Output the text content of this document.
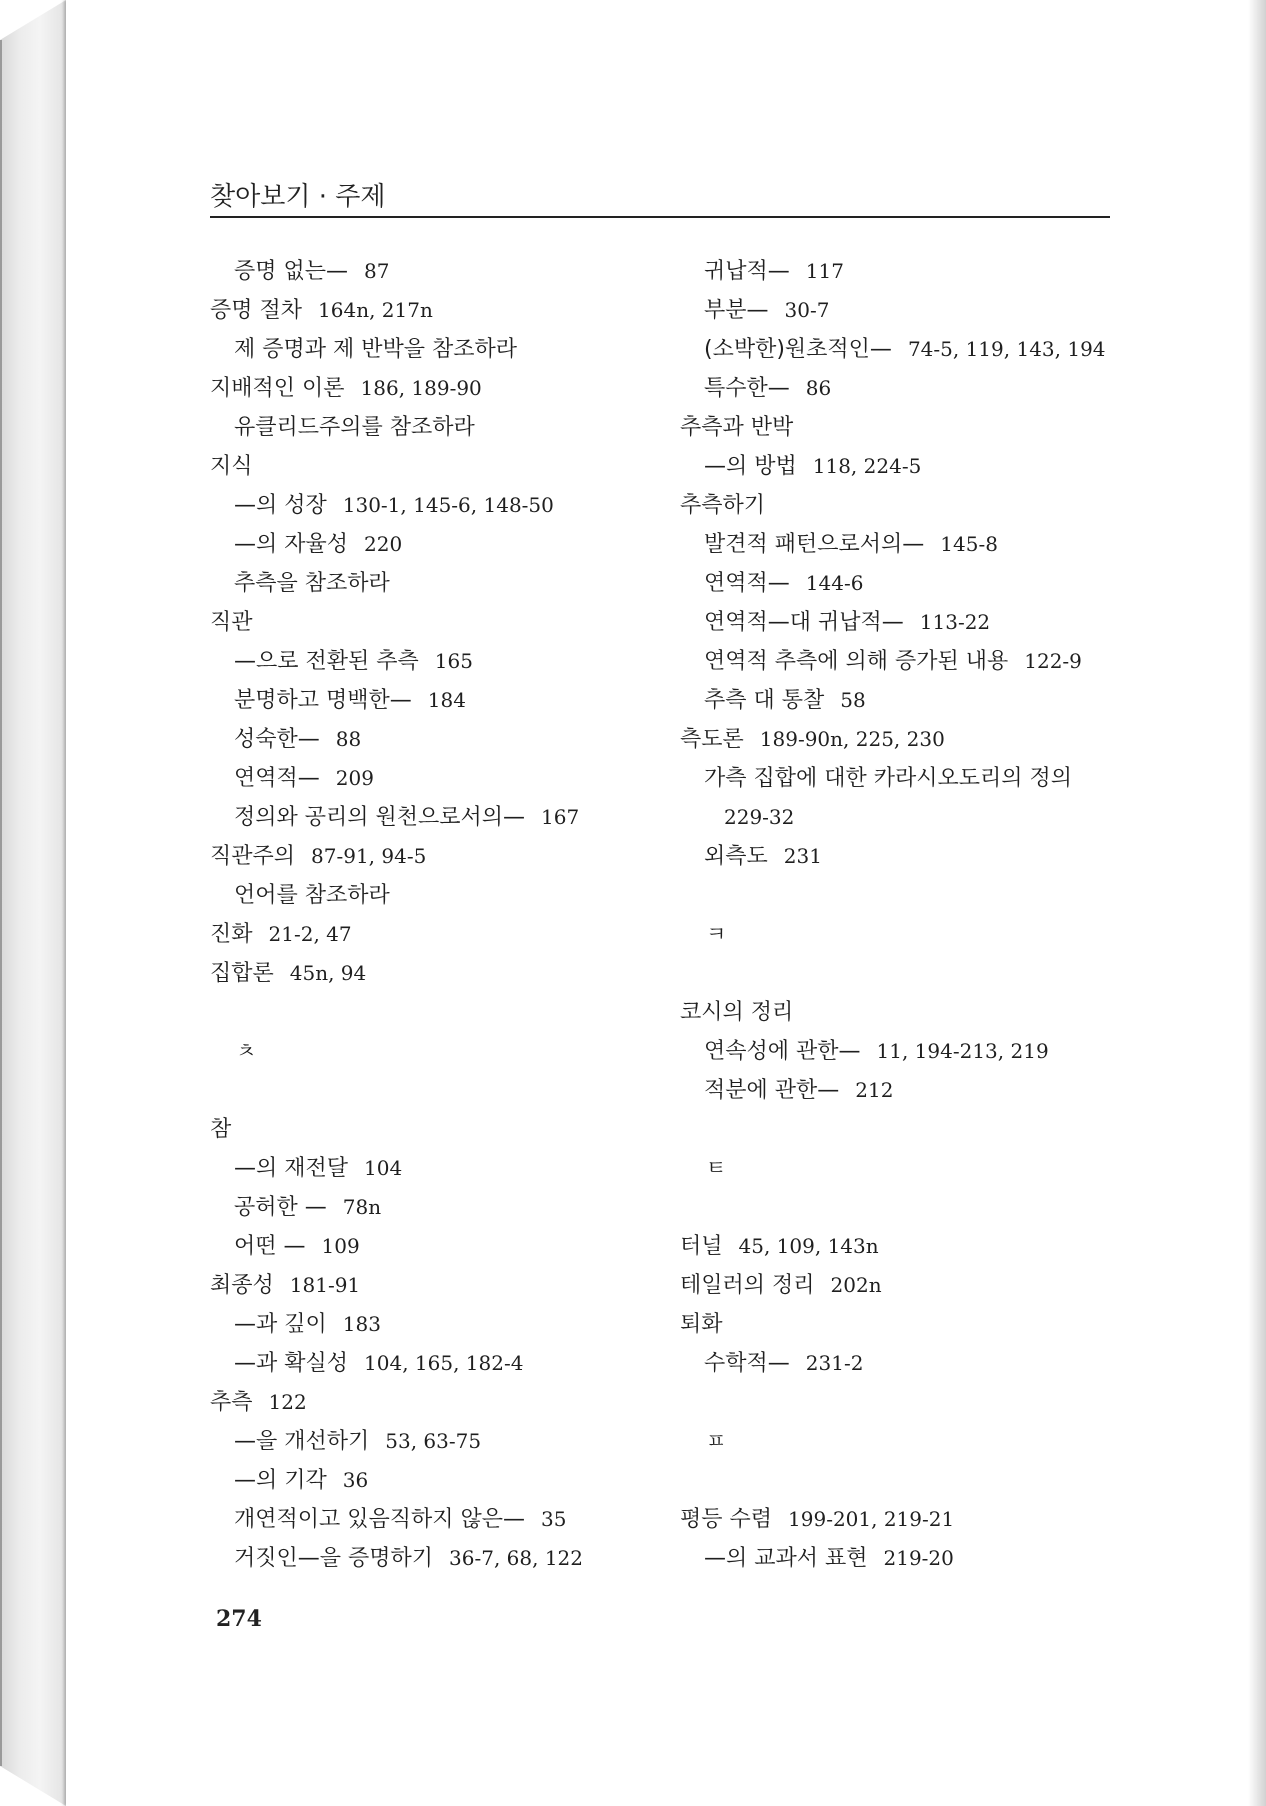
찾아보기 · 주제
증명 없는— 87
증명 절차 164n, 217n
제 증명과 제 반박을 참조하라
지배적인 이론 186, 189-90
유클리드주의를 참조하라
지식
—의 성장 130-1, 145-6, 148-50
—의 자율성 220
추측을 참조하라
직관
—으로 전환된 추측 165
분명하고 명백한— 184
성숙한— 88
연역적— 209
정의와 공리의 원천으로서의— 167
직관주의 87-91, 94-5
언어를 참조하라
진화 21-2, 47
집합론 45n, 94
ㅊ
참
—의 재전달 104
공허한 — 78n
어떤 — 109
최종성 181-91
—과 깊이 183
—과 확실성 104, 165, 182-4
추측 122
—을 개선하기 53, 63-75
—의 기각 36
개연적이고 있음직하지 않은— 35
거짓인—을 증명하기 36-7, 68, 122
귀납적— 117
부분— 30-7
(소박한)원초적인— 74-5, 119, 143, 194
특수한— 86
추측과 반박
—의 방법 118, 224-5
추측하기
발견적 패턴으로서의— 145-8
연역적— 144-6
연역적—대 귀납적— 113-22
연역적 추측에 의해 증가된 내용 122-9
추측 대 통찰 58
측도론 189-90n, 225, 230
가측 집합에 대한 카라시오도리의 정의
229-32
외측도 231
ㅋ
코시의 정리
연속성에 관한— 11, 194-213, 219
적분에 관한— 212
ㅌ
터널 45, 109, 143n
테일러의 정리 202n
퇴화
수학적— 231-2
ㅍ
평등 수렴 199-201, 219-21
—의 교과서 표현 219-20
274
